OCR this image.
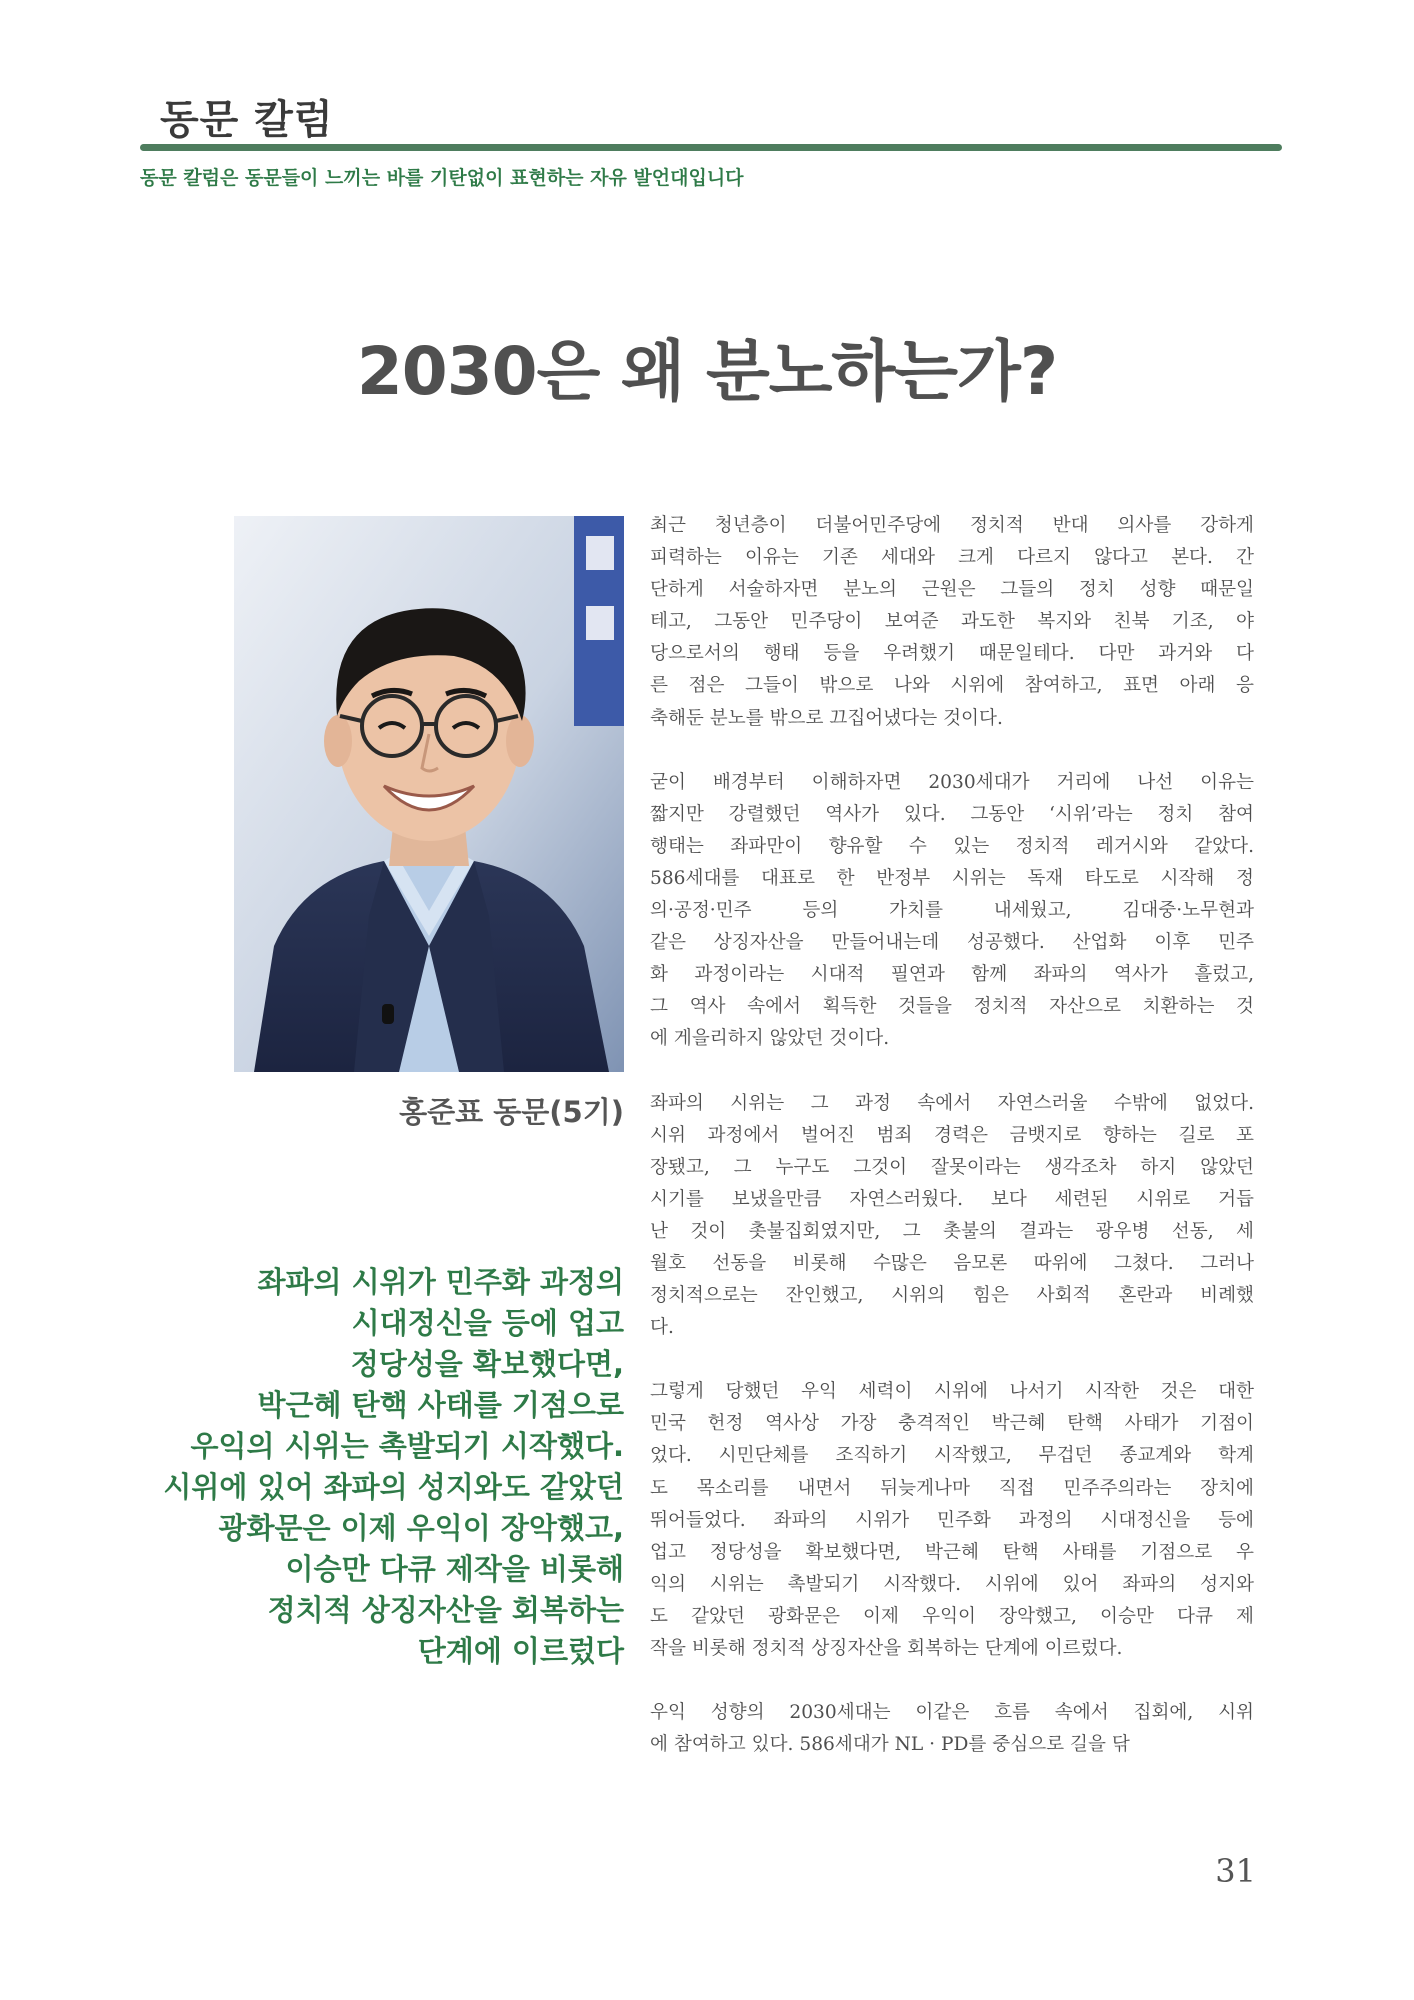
동문 칼럼
동문 칼럼은 동문들이 느끼는 바를 기탄없이 표현하는 자유 발언대입니다
2030은 왜 분노하는가?
홍준표 동문(5기)
좌파의 시위가 민주화 과정의
시대정신을 등에 업고
정당성을 확보했다면,
박근혜 탄핵 사태를 기점으로
우익의 시위는 촉발되기 시작했다.
시위에 있어 좌파의 성지와도 같았던
광화문은 이제 우익이 장악했고,
이승만 다큐 제작을 비롯해
정치적 상징자산을 회복하는
단계에 이르렀다

최근 청년층이 더불어민주당에 정치적 반대 의사를 강하게
피력하는 이유는 기존 세대와 크게 다르지 않다고 본다. 간
단하게 서술하자면 분노의 근원은 그들의 정치 성향 때문일
테고, 그동안 민주당이 보여준 과도한 복지와 친북 기조, 야
당으로서의 행태 등을 우려했기 때문일테다. 다만 과거와 다
른 점은 그들이 밖으로 나와 시위에 참여하고, 표면 아래 응
축해둔 분노를 밖으로 끄집어냈다는 것이다.

굳이 배경부터 이해하자면 2030세대가 거리에 나선 이유는
짧지만 강렬했던 역사가 있다. 그동안 ‘시위’라는 정치 참여
행태는 좌파만이 향유할 수 있는 정치적 레거시와 같았다.
586세대를 대표로 한 반정부 시위는 독재 타도로 시작해 정
의·공정·민주 등의 가치를 내세웠고, 김대중·노무현과
같은 상징자산을 만들어내는데 성공했다. 산업화 이후 민주
화 과정이라는 시대적 필연과 함께 좌파의 역사가 흘렀고,
그 역사 속에서 획득한 것들을 정치적 자산으로 치환하는 것
에 게을리하지 않았던 것이다.

좌파의 시위는 그 과정 속에서 자연스러울 수밖에 없었다.
시위 과정에서 벌어진 범죄 경력은 금뱃지로 향하는 길로 포
장됐고, 그 누구도 그것이 잘못이라는 생각조차 하지 않았던
시기를 보냈을만큼 자연스러웠다. 보다 세련된 시위로 거듭
난 것이 촛불집회였지만, 그 촛불의 결과는 광우병 선동, 세
월호 선동을 비롯해 수많은 음모론 따위에 그쳤다. 그러나
정치적으로는 잔인했고, 시위의 힘은 사회적 혼란과 비례했
다.

그렇게 당했던 우익 세력이 시위에 나서기 시작한 것은 대한
민국 헌정 역사상 가장 충격적인 박근혜 탄핵 사태가 기점이
었다. 시민단체를 조직하기 시작했고, 무겁던 종교계와 학계
도 목소리를 내면서 뒤늦게나마 직접 민주주의라는 장치에
뛰어들었다. 좌파의 시위가 민주화 과정의 시대정신을 등에
업고 정당성을 확보했다면, 박근혜 탄핵 사태를 기점으로 우
익의 시위는 촉발되기 시작했다. 시위에 있어 좌파의 성지와
도 같았던 광화문은 이제 우익이 장악했고, 이승만 다큐 제
작을 비롯해 정치적 상징자산을 회복하는 단계에 이르렀다.

우익 성향의 2030세대는 이같은 흐름 속에서 집회에, 시위
에 참여하고 있다. 586세대가 NL · PD를 중심으로 길을 닦

31
